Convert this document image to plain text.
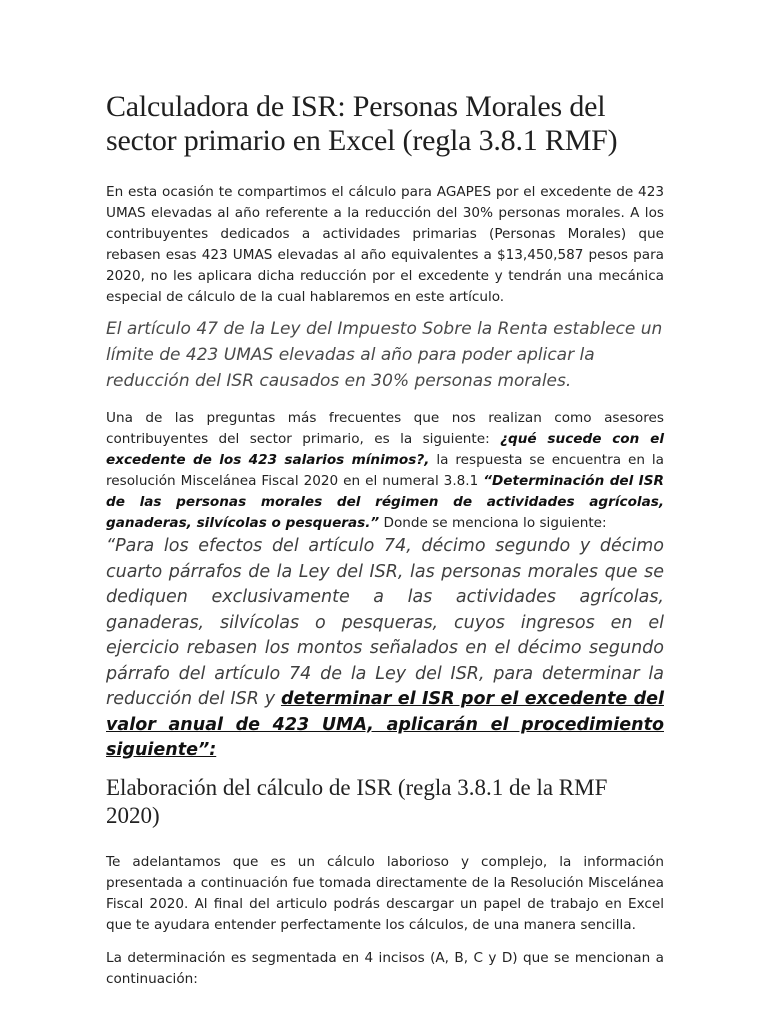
Calculadora de ISR: Personas Morales del sector primario en Excel (regla 3.8.1 RMF)

En esta ocasión te compartimos el cálculo para AGAPES por el excedente de 423 UMAS elevadas al año referente a la reducción del 30% personas morales. A los contribuyentes dedicados a actividades primarias (Personas Morales) que rebasen esas 423 UMAS elevadas al año equivalentes a $13,450,587 pesos para 2020, no les aplicara dicha reducción por el excedente y tendrán una mecánica especial de cálculo de la cual hablaremos en este artículo.

El artículo 47 de la Ley del Impuesto Sobre la Renta establece un límite de 423 UMAS elevadas al año para poder aplicar la reducción del ISR causados en 30% personas morales.

Una de las preguntas más frecuentes que nos realizan como asesores contribuyentes del sector primario, es la siguiente: ¿qué sucede con el excedente de los 423 salarios mínimos?, la respuesta se encuentra en la resolución Miscelánea Fiscal 2020 en el numeral 3.8.1 “Determinación del ISR de las personas morales del régimen de actividades agrícolas, ganaderas, silvícolas o pesqueras.” Donde se menciona lo siguiente:

“Para los efectos del artículo 74, décimo segundo y décimo cuarto párrafos de la Ley del ISR, las personas morales que se dediquen exclusivamente a las actividades agrícolas, ganaderas, silvícolas o pesqueras, cuyos ingresos en el ejercicio rebasen los montos señalados en el décimo segundo párrafo del artículo 74 de la Ley del ISR, para determinar la reducción del ISR y determinar el ISR por el excedente del valor anual de 423 UMA, aplicarán el procedimiento siguiente”:

Elaboración del cálculo de ISR (regla 3.8.1 de la RMF 2020)

Te adelantamos que es un cálculo laborioso y complejo, la información presentada a continuación fue tomada directamente de la Resolución Miscelánea Fiscal 2020. Al final del articulo podrás descargar un papel de trabajo en Excel que te ayudara entender perfectamente los cálculos, de una manera sencilla.

La determinación es segmentada en 4 incisos (A, B, C y D) que se mencionan a continuación:
